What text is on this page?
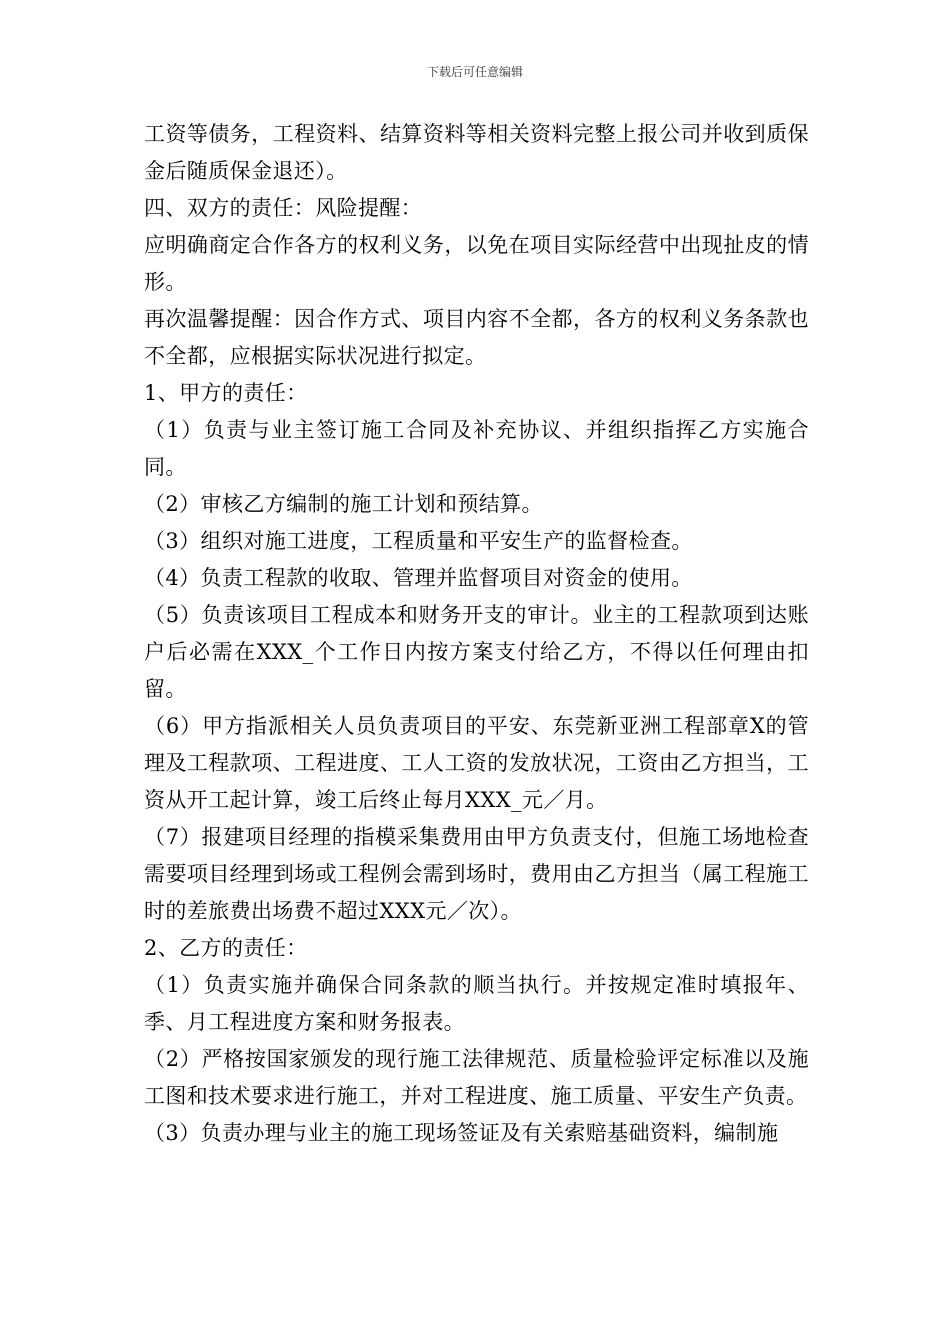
下载后可任意编辑

工资等债务，工程资料、结算资料等相关资料完整上报公司并收到质保金后随质保金退还）。

四、双方的责任：风险提醒：

应明确商定合作各方的权利义务，以免在项目实际经营中出现扯皮的情形。

再次温馨提醒：因合作方式、项目内容不全都，各方的权利义务条款也不全都，应根据实际状况进行拟定。

1、甲方的责任：

（1）负责与业主签订施工合同及补充协议、并组织指挥乙方实施合同。

（2）审核乙方编制的施工计划和预结算。

（3）组织对施工进度，工程质量和平安生产的监督检查。

（4）负责工程款的收取、管理并监督项目对资金的使用。

（5）负责该项目工程成本和财务开支的审计。业主的工程款项到达账户后必需在XXX_个工作日内按方案支付给乙方，不得以任何理由扣留。

（6）甲方指派相关人员负责项目的平安、东莞新亚洲工程部章X的管理及工程款项、工程进度、工人工资的发放状况，工资由乙方担当，工资从开工起计算，竣工后终止每月XXX_元／月。

（7）报建项目经理的指模采集费用由甲方负责支付，但施工场地检查需要项目经理到场或工程例会需到场时，费用由乙方担当（属工程施工时的差旅费出场费不超过XXX元／次）。

2、乙方的责任：

（1）负责实施并确保合同条款的顺当执行。并按规定准时填报年、季、月工程进度方案和财务报表。

（2）严格按国家颁发的现行施工法律规范、质量检验评定标准以及施工图和技术要求进行施工，并对工程进度、施工质量、平安生产负责。

（3）负责办理与业主的施工现场签证及有关索赔基础资料，编制施
